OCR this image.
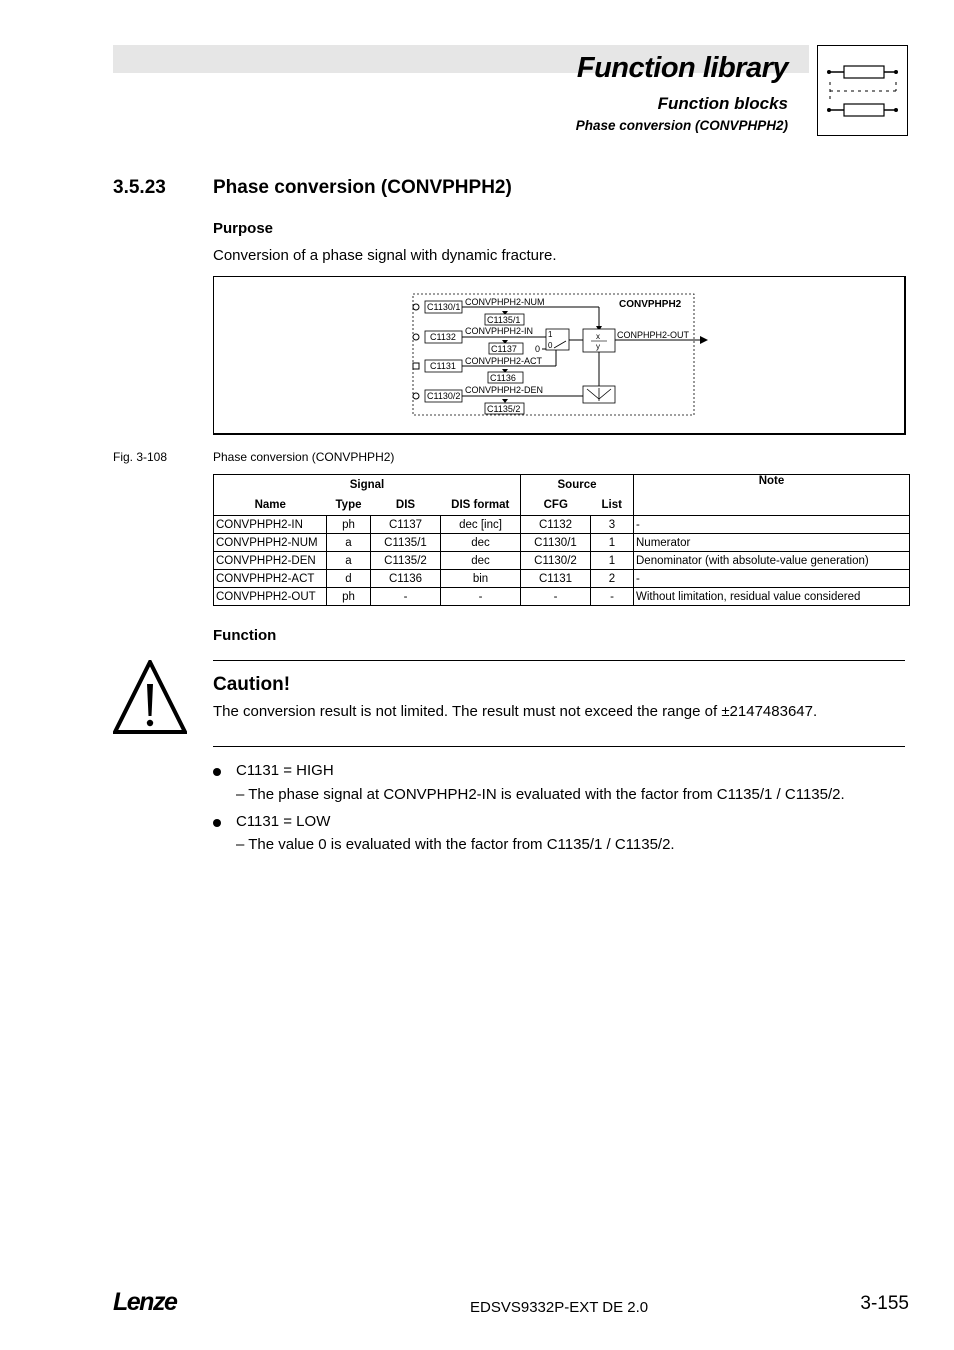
Function library
Function blocks
Phase conversion (CONVPHPH2)
3.5.23 Phase conversion (CONVPHPH2)
Purpose
Conversion of a phase signal with dynamic fracture.
CONVPHPH2
C1130/1 CONVPHPH2-NUM
C1135/1
C1132
CONVPHPH2-IN
C1137 0
1
0
x
y
CONPHPH2-OUT
C1131 CONVPHPH2-ACT
C1136
C1130/2
CONVPHPH2-DEN
C1135/2
Fig. 3-108	Phase conversion (CONVPHPH2)
Signal				Source		Note
Name	Type	DIS	DIS format	CFG	List	
CONVPHPH2-IN	ph	C1137	dec [inc]	C1132	3	-
CONVPHPH2-NUM	a	C1135/1	dec	C1130/1	1	Numerator
CONVPHPH2-DEN	a	C1135/2	dec	C1130/2	1	Denominator (with absolute-value generation)
CONVPHPH2-ACT	d	C1136	bin	C1131	2	-
CONVPHPH2-OUT	ph	-	-	-	-	Without limitation, residual value considered
Function
Caution!
The conversion result is not limited. The result must not exceed the range of ±2147483647.
C1131 = HIGH
– The phase signal at CONVPHPH2-IN is evaluated with the factor from C1135/1 / C1135/2.
C1131 = LOW
– The value 0 is evaluated with the factor from C1135/1 / C1135/2.
Lenze	EDSVS9332P-EXT DE 2.0	3-155
